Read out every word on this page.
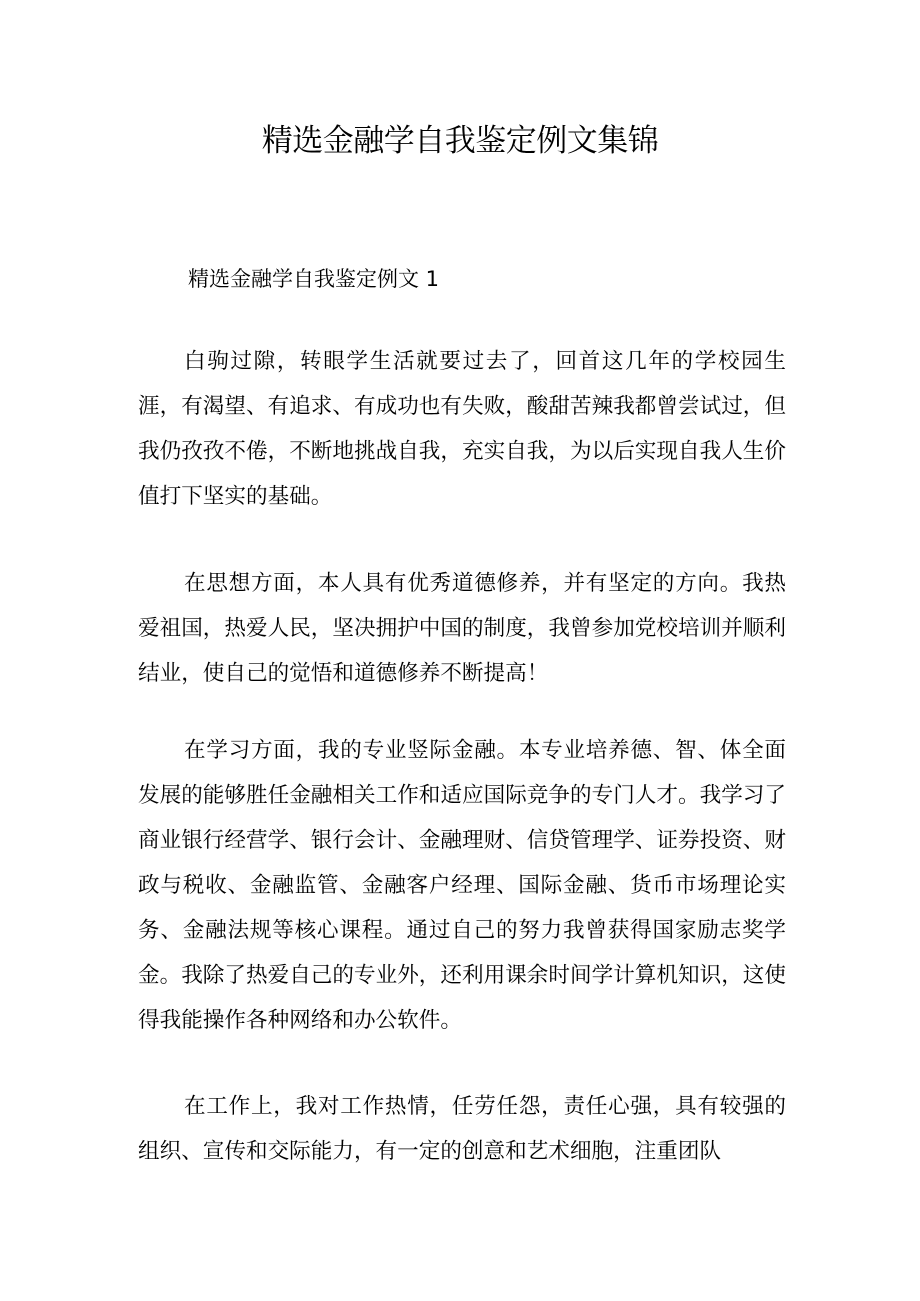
精选金融学自我鉴定例文集锦
精选金融学自我鉴定例文 1

白驹过隙，转眼学生活就要过去了，回首这几年的学校园生涯，有渴望、有追求、有成功也有失败，酸甜苦辣我都曾尝试过，但我仍孜孜不倦，不断地挑战自我，充实自我，为以后实现自我人生价值打下坚实的基础。

在思想方面，本人具有优秀道德修养，并有坚定的方向。我热爱祖国，热爱人民，坚决拥护中国的制度，我曾参加党校培训并顺利结业，使自己的觉悟和道德修养不断提高！

在学习方面，我的专业竖际金融。本专业培养德、智、体全面发展的能够胜任金融相关工作和适应国际竞争的专门人才。我学习了商业银行经营学、银行会计、金融理财、信贷管理学、证券投资、财政与税收、金融监管、金融客户经理、国际金融、货币市场理论实务、金融法规等核心课程。通过自己的努力我曾获得国家励志奖学金。我除了热爱自己的专业外，还利用课余时间学计算机知识，这使得我能操作各种网络和办公软件。

在工作上，我对工作热情，任劳任怨，责任心强，具有较强的组织、宣传和交际能力，有一定的创意和艺术细胞，注重团队
